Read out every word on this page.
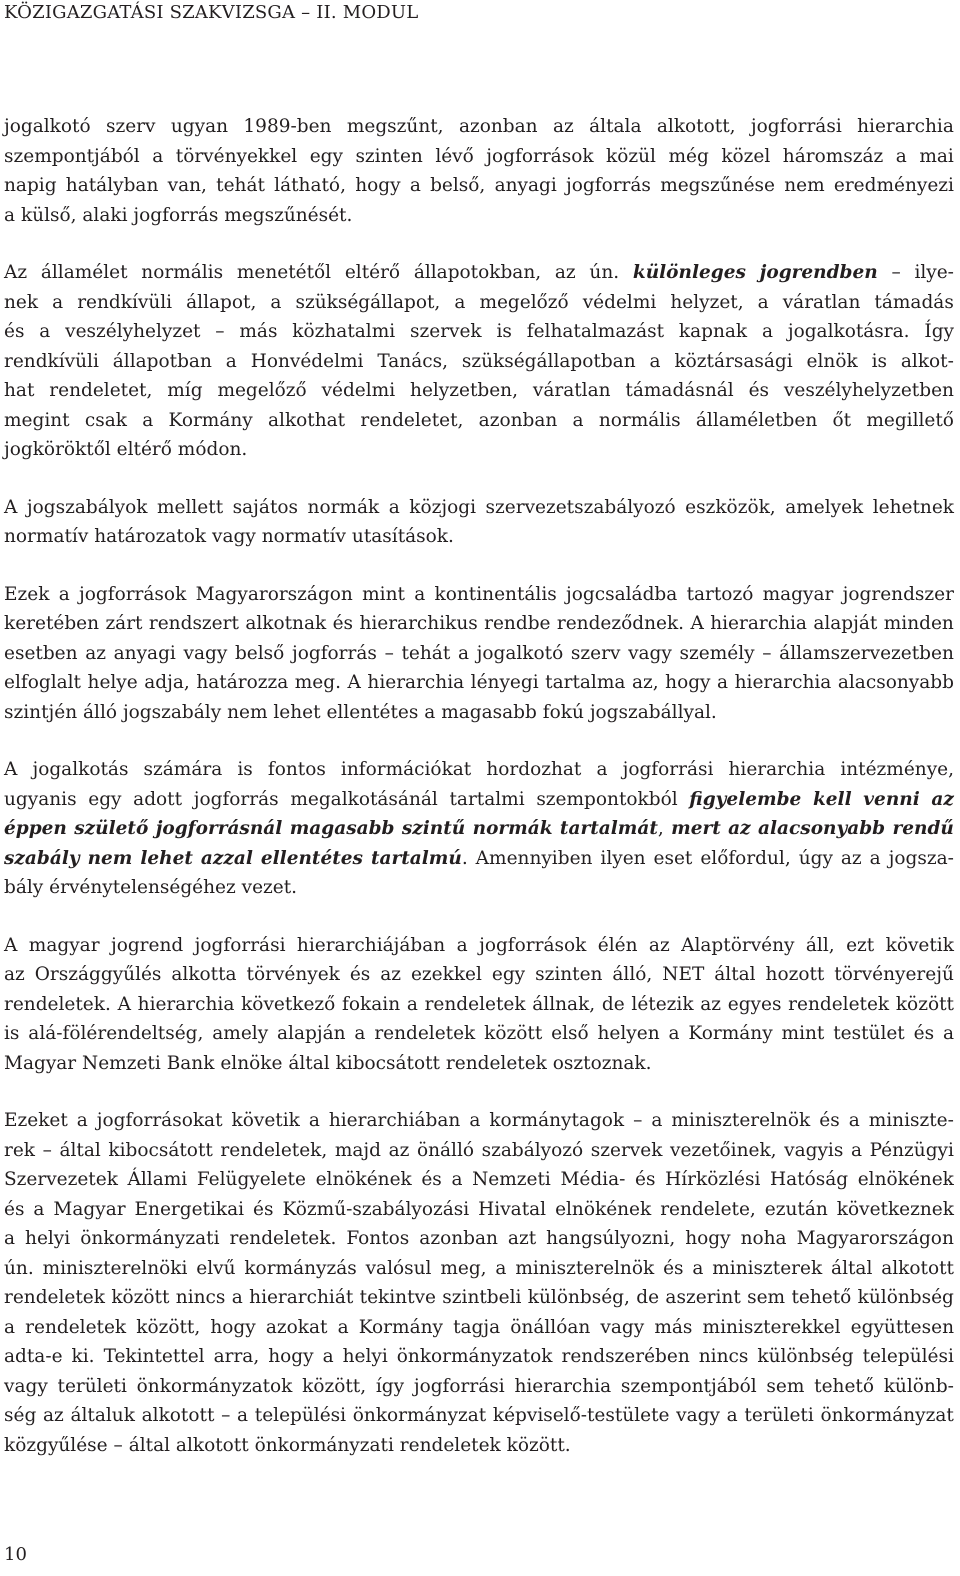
KÖZIGAZGATÁSI SZAKVIZSGA – II. MODUL
jogalkotó szerv ugyan 1989-ben megszűnt, azonban az általa alkotott, jogforrási hierarchia
szempontjából a törvényekkel egy szinten lévő jogforrások közül még közel háromszáz a mai
napig hatályban van, tehát látható, hogy a belső, anyagi jogforrás megszűnése nem eredményezi
a külső, alaki jogforrás megszűnését.
Az államélet normális menetétől eltérő állapotokban, az ún. különleges jogrendben – ilye-
nek a rendkívüli állapot, a szükségállapot, a megelőző védelmi helyzet, a váratlan támadás
és a veszélyhelyzet – más közhatalmi szervek is felhatalmazást kapnak a jogalkotásra. Így
rendkívüli állapotban a Honvédelmi Tanács, szükségállapotban a köztársasági elnök is alkot-
hat rendeletet, míg megelőző védelmi helyzetben, váratlan támadásnál és veszélyhelyzetben
megint csak a Kormány alkothat rendeletet, azonban a normális államéletben őt megillető
jogköröktől eltérő módon.
A jogszabályok mellett sajátos normák a közjogi szervezetszabályozó eszközök, amelyek lehetnek
normatív határozatok vagy normatív utasítások.
Ezek a jogforrások Magyarországon mint a kontinentális jogcsaládba tartozó magyar jogrendszer
keretében zárt rendszert alkotnak és hierarchikus rendbe rendeződnek. A hierarchia alapját minden
esetben az anyagi vagy belső jogforrás – tehát a jogalkotó szerv vagy személy – államszervezetben
elfoglalt helye adja, határozza meg. A hierarchia lényegi tartalma az, hogy a hierarchia alacsonyabb
szintjén álló jogszabály nem lehet ellentétes a magasabb fokú jogszabállyal.
A jogalkotás számára is fontos információkat hordozhat a jogforrási hierarchia intézménye,
ugyanis egy adott jogforrás megalkotásánál tartalmi szempontokból figyelembe kell venni az
éppen születő jogforrásnál magasabb szintű normák tartalmát, mert az alacsonyabb rendű
szabály nem lehet azzal ellentétes tartalmú. Amennyiben ilyen eset előfordul, úgy az a jogsza-
bály érvénytelenségéhez vezet.
A magyar jogrend jogforrási hierarchiájában a jogforrások élén az Alaptörvény áll, ezt követik
az Országgyűlés alkotta törvények és az ezekkel egy szinten álló, NET által hozott törvényerejű
rendeletek. A hierarchia következő fokain a rendeletek állnak, de létezik az egyes rendeletek között
is alá-fölérendeltség, amely alapján a rendeletek között első helyen a Kormány mint testület és a
Magyar Nemzeti Bank elnöke által kibocsátott rendeletek osztoznak.
Ezeket a jogforrásokat követik a hierarchiában a kormánytagok – a miniszterelnök és a miniszte-
rek – által kibocsátott rendeletek, majd az önálló szabályozó szervek vezetőinek, vagyis a Pénzügyi
Szervezetek Állami Felügyelete elnökének és a Nemzeti Média- és Hírközlési Hatóság elnökének
és a Magyar Energetikai és Közmű-szabályozási Hivatal elnökének rendelete, ezután következnek
a helyi önkormányzati rendeletek. Fontos azonban azt hangsúlyozni, hogy noha Magyarországon
ún. miniszterelnöki elvű kormányzás valósul meg, a miniszterelnök és a miniszterek által alkotott
rendeletek között nincs a hierarchiát tekintve szintbeli különbség, de aszerint sem tehető különbség
a rendeletek között, hogy azokat a Kormány tagja önállóan vagy más miniszterekkel együttesen
adta-e ki. Tekintettel arra, hogy a helyi önkormányzatok rendszerében nincs különbség települési
vagy területi önkormányzatok között, így jogforrási hierarchia szempontjából sem tehető különb-
ség az általuk alkotott – a települési önkormányzat képviselő-testülete vagy a területi önkormányzat
közgyűlése – által alkotott önkormányzati rendeletek között.
10
